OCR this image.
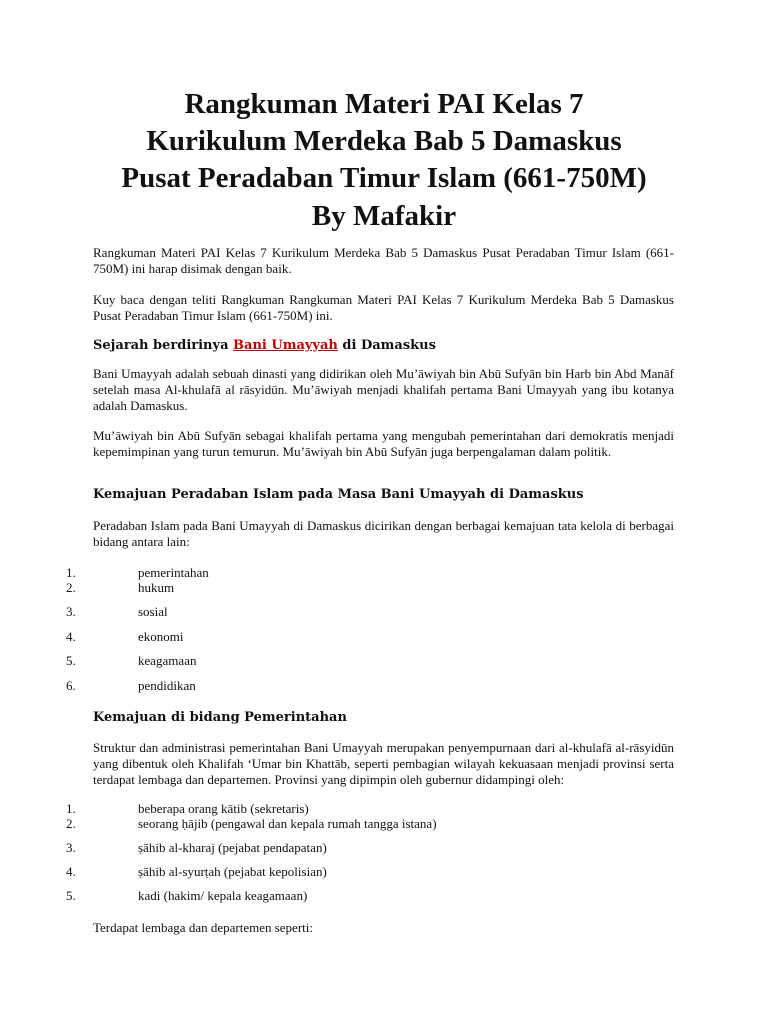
Rangkuman Materi PAI Kelas 7
Kurikulum Merdeka Bab 5 Damaskus
Pusat Peradaban Timur Islam (661-750M)
By Mafakir

Rangkuman Materi PAI Kelas 7 Kurikulum Merdeka Bab 5 Damaskus Pusat Peradaban Timur Islam (661-750M) ini harap disimak dengan baik.

Kuy baca dengan teliti Rangkuman Rangkuman Materi PAI Kelas 7 Kurikulum Merdeka Bab 5 Damaskus Pusat Peradaban Timur Islam (661-750M) ini.

Sejarah berdirinya Bani Umayyah di Damaskus

Bani Umayyah adalah sebuah dinasti yang didirikan oleh Mu’āwiyah bin Abū Sufyān bin Harb bin Abd Manāf setelah masa Al-khulafā al rāsyidūn. Mu’āwiyah menjadi khalifah pertama Bani Umayyah yang ibu kotanya adalah Damaskus.

Mu’āwiyah bin Abū Sufyān sebagai khalifah pertama yang mengubah pemerintahan dari demokratis menjadi kepemimpinan yang turun temurun. Mu’āwiyah bin Abū Sufyān juga berpengalaman dalam politik.

Kemajuan Peradaban Islam pada Masa Bani Umayyah di Damaskus

Peradaban Islam pada Bani Umayyah di Damaskus dicirikan dengan berbagai kemajuan tata kelola di berbagai bidang antara lain:

1.	pemerintahan
2.	hukum
3.	sosial
4.	ekonomi
5.	keagamaan
6.	pendidikan
Kemajuan di bidang Pemerintahan

Struktur dan administrasi pemerintahan Bani Umayyah merupakan penyempurnaan dari al-khulafā al-rāsyidūn yang dibentuk oleh Khalifah ‘Umar bin Khattāb, seperti pembagian wilayah kekuasaan menjadi provinsi serta terdapat lembaga dan departemen. Provinsi yang dipimpin oleh gubernur didampingi oleh:

1.	beberapa orang kātib (sekretaris)
2.	seorang ḥājib (pengawal dan kepala rumah tangga istana)
3.	ṣāhib al-kharaj (pejabat pendapatan)
4.	ṣāhib al-syurṭah (pejabat kepolisian)
5.	kadi (hakim/ kepala keagamaan)

Terdapat lembaga dan departemen seperti:
